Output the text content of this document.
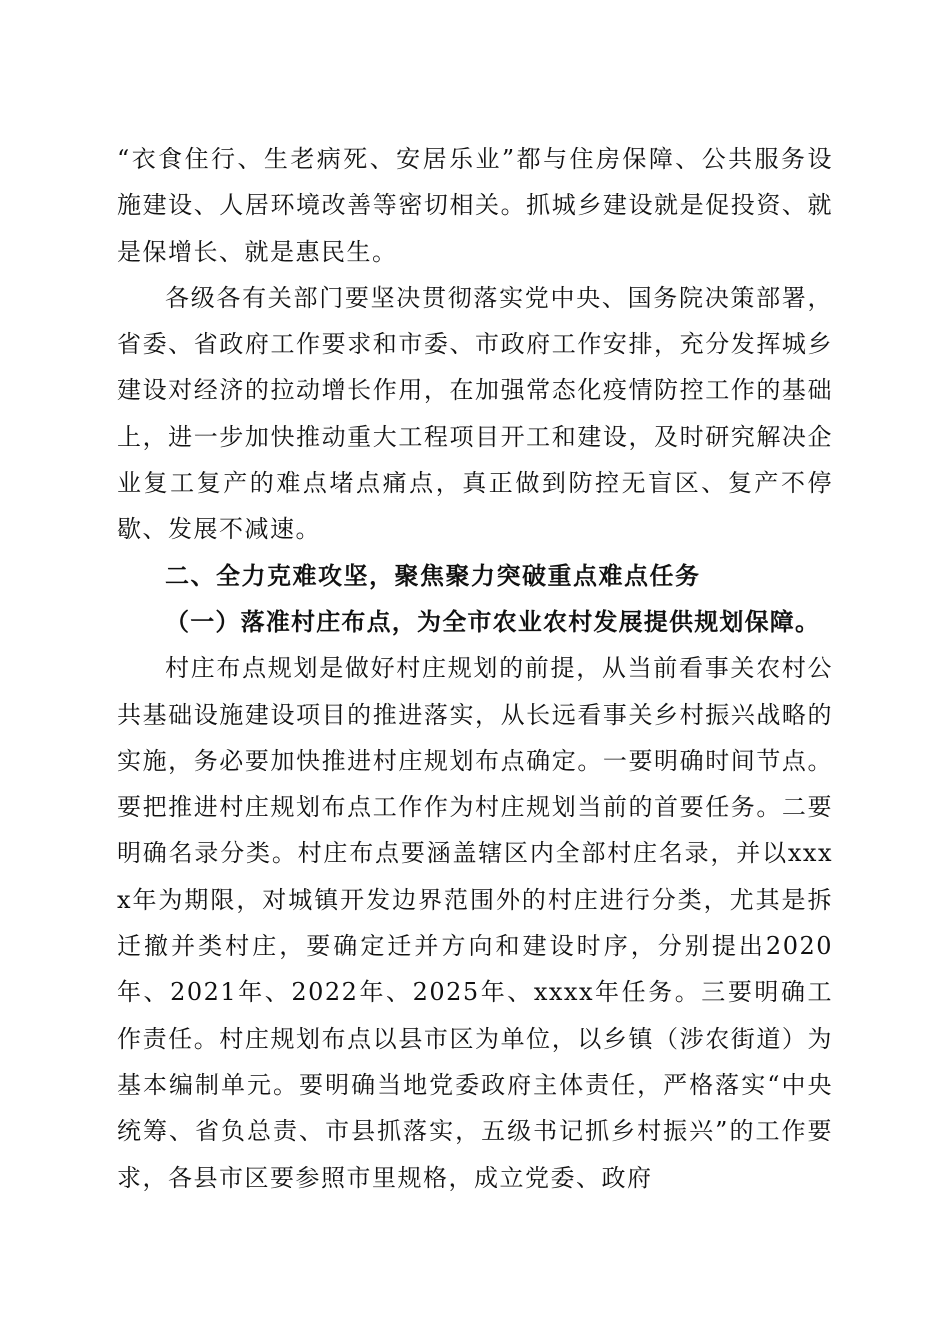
“衣食住行、生老病死、安居乐业”都与住房保障、公共服务设施建设、人居环境改善等密切相关。抓城乡建设就是促投资、就是保增长、就是惠民生。

各级各有关部门要坚决贯彻落实党中央、国务院决策部署，省委、省政府工作要求和市委、市政府工作安排，充分发挥城乡建设对经济的拉动增长作用，在加强常态化疫情防控工作的基础上，进一步加快推动重大工程项目开工和建设，及时研究解决企业复工复产的难点堵点痛点，真正做到防控无盲区、复产不停歇、发展不减速。

二、全力克难攻坚，聚焦聚力突破重点难点任务

（一）落准村庄布点，为全市农业农村发展提供规划保障。

村庄布点规划是做好村庄规划的前提，从当前看事关农村公共基础设施建设项目的推进落实，从长远看事关乡村振兴战略的实施，务必要加快推进村庄规划布点确定。一要明确时间节点。要把推进村庄规划布点工作作为村庄规划当前的首要任务。二要明确名录分类。村庄布点要涵盖辖区内全部村庄名录，并以xxxx年为期限，对城镇开发边界范围外的村庄进行分类，尤其是拆迁撤并类村庄，要确定迁并方向和建设时序，分别提出2020年、2021年、2022年、2025年、xxxx年任务。三要明确工作责任。村庄规划布点以县市区为单位，以乡镇（涉农街道）为基本编制单元。要明确当地党委政府主体责任，严格落实“中央统筹、省负总责、市县抓落实，五级书记抓乡村振兴”的工作要求，各县市区要参照市里规格，成立党委、政府
